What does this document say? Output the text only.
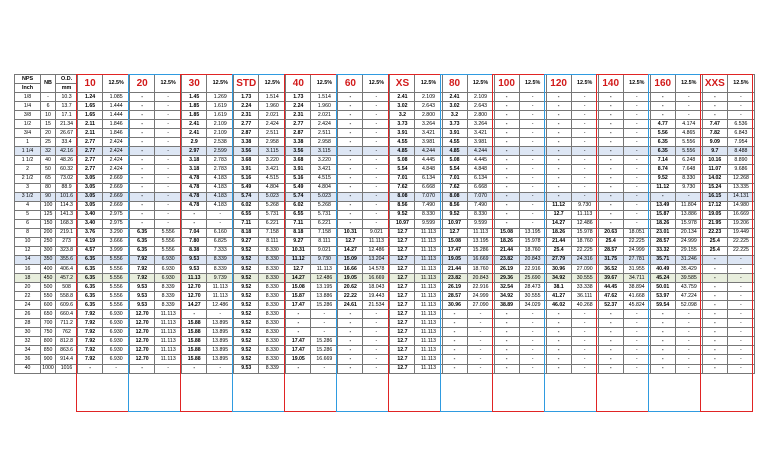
NPS	NB	O.D.	10	12.5%	20	12.5%	30	12.5%	STD	12.5%	40	12.5%	60	12.5%	XS	12.5%	80	12.5%	100	12.5%	120	12.5%	140	12.5%	160	12.5%	XXS	12.5%
Inch		mm																										
1/8	-	10.3	1.24	1.085	-	-	1.45	1.269	1.73	1.514	1.73	1.514	-	-	2.41	2.109	2.41	2.109	-	-	-	-	-	-	-	-	-	-
1/4	6	13.7	1.65	1.444	-	-	1.85	1.619	2.24	1.960	2.24	1.960	-	-	3.02	2.643	3.02	2.643	-	-	-	-	-	-	-	-	-	-
3/8	10	17.1	1.65	1.444	-	-	1.85	1.619	2.31	2.021	2.31	2.021	-	-	3.2	2.800	3.2	2.800	-	-	-	-	-	-	-	-	-	-
1/2	15	21.34	2.11	1.846	-	-	2.41	2.109	2.77	2.424	2.77	2.424	-	-	3.73	3.264	3.73	3.264	-	-	-	-	-	-	4.77	4.174	7.47	6.536
3/4	20	26.67	2.11	1.846	-	-	2.41	2.109	2.87	2.511	2.87	2.511	-	-	3.91	3.421	3.91	3.421	-	-	-	-	-	-	5.56	4.865	7.82	6.843
1	25	33.4	2.77	2.424	-	-	2.9	2.538	3.38	2.958	3.38	2.958	-	-	4.55	3.981	4.55	3.981	-	-	-	-	-	-	6.35	5.556	9.09	7.954
1 1/4	32	42.16	2.77	2.424	-	-	2.97	2.599	3.56	3.115	3.56	3.115	-	-	4.85	4.244	4.85	4.244	-	-	-	-	-	-	6.35	5.556	9.7	8.488
1 1/2	40	48.26	2.77	2.424	-	-	3.18	2.783	3.68	3.220	3.68	3.220	-	-	5.08	4.445	5.08	4.445	-	-	-	-	-	-	7.14	6.248	10.16	8.890
2	50	60.32	2.77	2.424	-	-	3.18	2.783	3.91	3.421	3.91	3.421	-	-	5.54	4.848	5.54	4.848	-	-	-	-	-	-	8.74	7.648	11.07	9.686
2 1/2	65	73.02	3.05	2.669	-	-	4.78	4.183	5.16	4.515	5.16	4.515	-	-	7.01	6.134	7.01	6.134	-	-	-	-	-	-	9.52	8.330	14.02	12.268
3	80	88.9	3.05	2.669	-	-	4.78	4.183	5.49	4.804	5.49	4.804	-	-	7.62	6.668	7.62	6.668	-	-	-	-	-	-	11.12	9.730	15.24	13.335
3 1/2	90	101.6	3.05	2.669	-	-	4.78	4.183	5.74	5.023	5.74	5.023	-	-	8.08	7.070	8.08	7.070	-	-	-	-	-	-	-	-	16.15	14.131
4	100	114.3	3.05	2.669	-	-	4.78	4.183	6.02	5.268	6.02	5.268	-	-	8.56	7.490	8.56	7.490	-	-	11.12	9.730	-	-	13.49	11.804	17.12	14.980
5	125	141.3	3.40	2.975	-	-	-	-	6.55	5.731	6.55	5.731	-	-	9.52	8.330	9.52	8.330	-	-	12.7	11.113	-	-	15.87	13.886	19.05	16.669
6	150	168.3	3.40	2.975	-	-	-	-	7.11	6.221	7.11	6.221	-	-	10.97	9.599	10.97	9.599	-	-	14.27	12.486	-	-	18.26	15.978	21.95	19.206
8	200	219.1	3.76	3.290	6.35	5.556	7.04	6.160	8.18	7.158	8.18	7.158	10.31	9.021	12.7	11.113	12.7	11.113	15.08	13.195	18.26	15.978	20.63	18.051	23.01	20.134	22.23	19.449
10	250	273	4.19	3.666	6.35	5.556	7.80	6.825	9.27	8.111	9.27	8.111	12.7	11.113	12.7	11.113	15.08	13.195	18.26	15.978	21.44	18.760	25.4	22.225	28.57	24.999	25.4	22.225
12	300	323.8	4.57	3.999	6.35	5.556	8.38	7.333	9.52	8.330	10.31	9.021	14.27	12.486	12.7	11.113	17.47	15.286	21.44	18.760	25.4	22.225	28.57	24.999	33.32	29.155	25.4	22.225
14	350	355.6	6.35	5.556	7.92	6.930	9.53	8.339	9.52	8.330	11.12	9.730	15.09	13.204	12.7	11.113	19.05	16.669	23.82	20.843	27.79	24.316	31.75	27.781	35.71	31.246	-	-
16	400	406.4	6.35	5.556	7.92	6.930	9.53	8.339	9.52	8.330	12.7	11.113	16.66	14.578	12.7	11.113	21.44	18.760	26.19	22.916	30.96	27.090	36.52	31.955	40.49	35.429	-	-
18	450	457.2	6.35	5.556	7.92	6.930	11.13	9.739	9.52	8.330	14.27	12.486	19.05	16.669	12.7	11.113	23.82	20.843	29.36	25.690	34.92	30.555	39.67	34.711	45.24	39.585	-	-
20	500	508	6.35	5.556	9.53	8.339	12.70	11.113	9.52	8.330	15.08	13.195	20.62	18.043	12.7	11.113	26.19	22.916	32.54	28.473	38.1	33.338	44.45	38.894	50.01	43.759	-	-
22	550	558.8	6.35	5.556	9.53	8.339	12.70	11.113	9.52	8.330	15.87	13.886	22.22	19.443	12.7	11.113	28.57	24.999	34.92	30.555	41.27	36.111	47.62	41.668	53.97	47.224	-	-
24	600	609.6	6.35	5.556	9.53	8.339	14.27	12.486	9.52	8.330	17.47	15.286	24.61	21.534	12.7	11.113	30.96	27.090	38.89	34.029	46.02	40.268	52.37	45.824	59.54	52.098	-	-
26	650	660.4	7.92	6.930	12.70	11.113	-	-	9.52	8.330	-	-	-	-	12.7	11.113	-	-	-	-	-	-	-	-	-	-	-	-
28	700	711.2	7.92	6.930	12.70	11.113	15.88	13.895	9.52	8.330	-	-	-	-	12.7	11.113	-	-	-	-	-	-	-	-	-	-	-	-
30	750	762	7.92	6.930	12.70	11.113	15.88	13.895	9.52	8.330	-	-	-	-	12.7	11.113	-	-	-	-	-	-	-	-	-	-	-	-
32	800	812.8	7.92	6.930	12.70	11.113	15.88	13.895	9.52	8.330	17.47	15.286	-	-	12.7	11.113	-	-	-	-	-	-	-	-	-	-	-	-
34	850	863.6	7.92	6.930	12.70	11.113	15.88	13.895	9.52	8.330	17.47	15.286	-	-	12.7	11.113	-	-	-	-	-	-	-	-	-	-	-	-
36	900	914.4	7.92	6.930	12.70	11.113	15.88	13.895	9.52	8.330	19.05	16.669	-	-	12.7	11.113	-	-	-	-	-	-	-	-	-	-	-	-
40	1000	1016	-	-	-	-	-	-	9.53	8.339	-	-	-	-	12.7	11.113	-	-	-	-	-	-	-	-	-	-	-	-
